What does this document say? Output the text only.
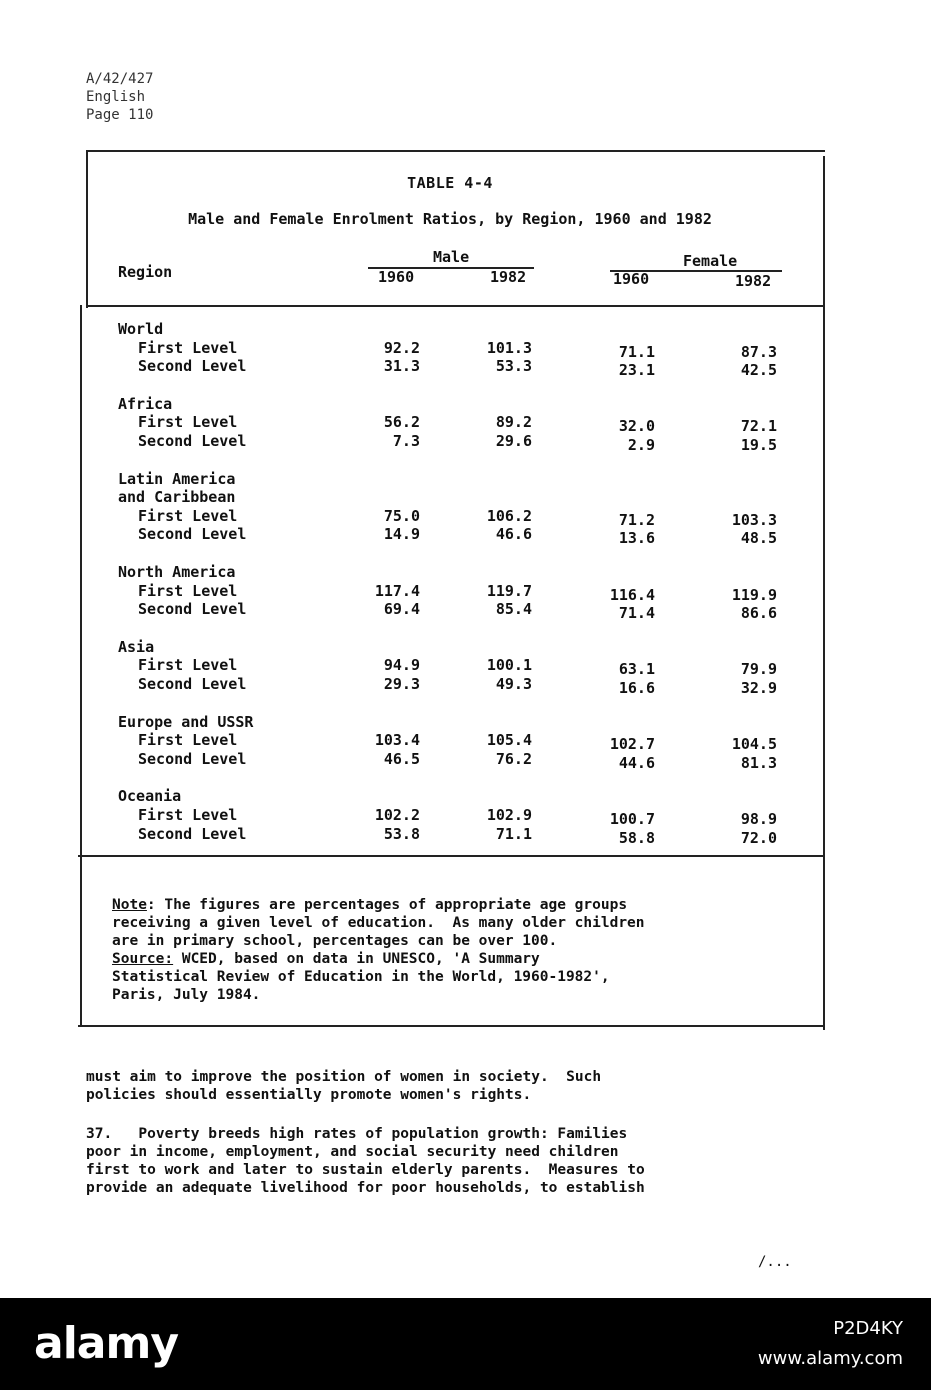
A/42/427
English
Page 110
TABLE 4-4
Male and Female Enrolment Ratios, by Region, 1960 and 1982
Region
Male	Female
1960	1982	1960	1982
World
First Level	92.2	101.3	71.1	87.3
Second Level	31.3	53.3	23.1	42.5
Africa
First Level	56.2	89.2	32.0	72.1
Second Level	7.3	29.6	2.9	19.5
Latin America
and Caribbean
First Level	75.0	106.2	71.2	103.3
Second Level	14.9	46.6	13.6	48.5
North America
First Level	117.4	119.7	116.4	119.9
Second Level	69.4	85.4	71.4	86.6
Asia
First Level	94.9	100.1	63.1	79.9
Second Level	29.3	49.3	16.6	32.9
Europe and USSR
First Level	103.4	105.4	102.7	104.5
Second Level	46.5	76.2	44.6	81.3
Oceania
First Level	102.2	102.9	100.7	98.9
Second Level	53.8	71.1	58.8	72.0
Note: The figures are percentages of appropriate age groups
receiving a given level of education.  As many older children
are in primary school, percentages can be over 100.
Source: WCED, based on data in UNESCO, 'A Summary
Statistical Review of Education in the World, 1960-1982',
Paris, July 1984.
must aim to improve the position of women in society.  Such
policies should essentially promote women's rights.
37.   Poverty breeds high rates of population growth: Families
poor in income, employment, and social security need children
first to work and later to sustain elderly parents.  Measures to
provide an adequate livelihood for poor households, to establish
/...
alamy	P2D4KY
www.alamy.com
